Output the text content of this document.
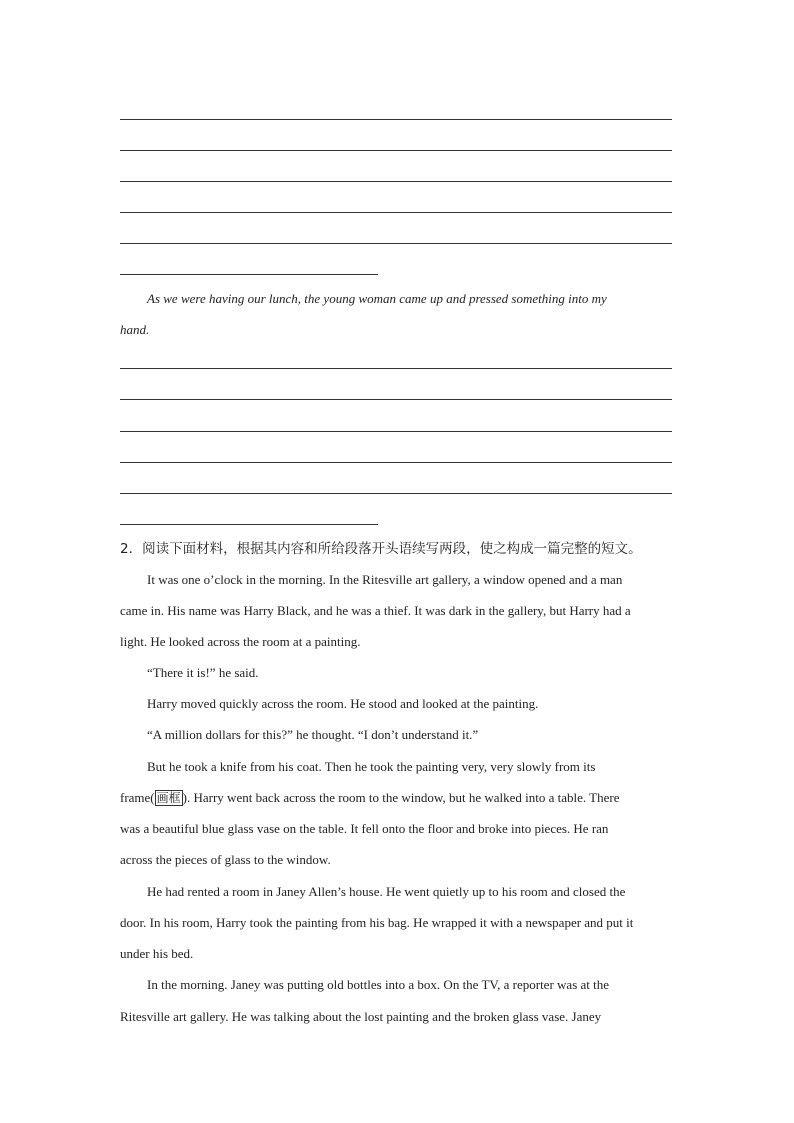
As we were having our lunch, the young woman came up and pressed something into my
hand.
2．阅读下面材料，根据其内容和所给段落开头语续写两段，使之构成一篇完整的短文。
It was one o’clock in the morning. In the Ritesville art gallery, a window opened and a man
came in. His name was Harry Black, and he was a thief. It was dark in the gallery, but Harry had a
light. He looked across the room at a painting.
“There it is!” he said.
Harry moved quickly across the room. He stood and looked at the painting.
“A million dollars for this?” he thought. “I don’t understand it.”
But he took a knife from his coat. Then he took the painting very, very slowly from its
frame( 画框 ). Harry went back across the room to the window, but he walked into a table. There
was a beautiful blue glass vase on the table. It fell onto the floor and broke into pieces. He ran
across the pieces of glass to the window.
He had rented a room in Janey Allen’s house. He went quietly up to his room and closed the
door. In his room, Harry took the painting from his bag. He wrapped it with a newspaper and put it
under his bed.
In the morning. Janey was putting old bottles into a box. On the TV, a reporter was at the
Ritesville art gallery. He was talking about the lost painting and the broken glass vase. Janey
